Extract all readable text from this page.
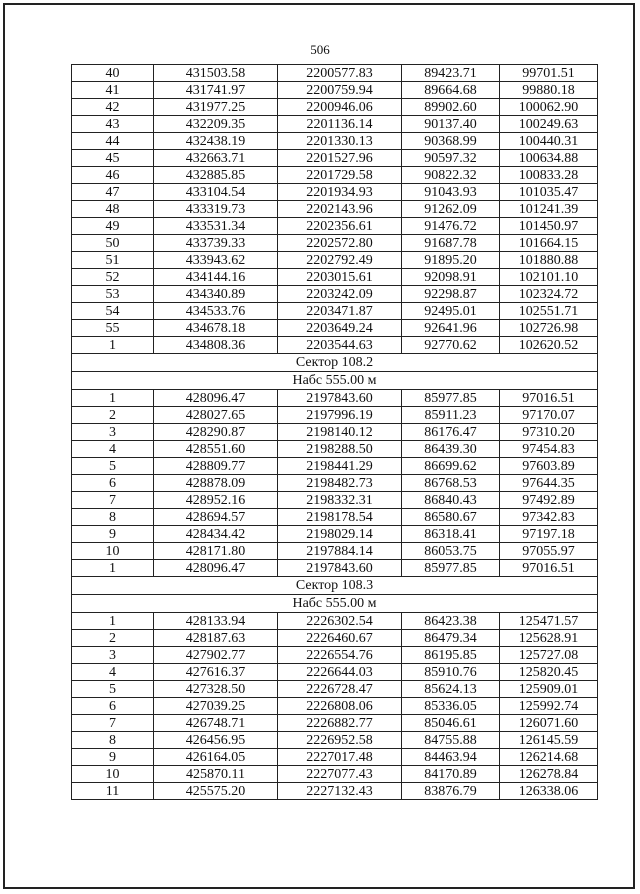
506
40	431503.58	2200577.83	89423.71	99701.51
41	431741.97	2200759.94	89664.68	99880.18
42	431977.25	2200946.06	89902.60	100062.90
43	432209.35	2201136.14	90137.40	100249.63
44	432438.19	2201330.13	90368.99	100440.31
45	432663.71	2201527.96	90597.32	100634.88
46	432885.85	2201729.58	90822.32	100833.28
47	433104.54	2201934.93	91043.93	101035.47
48	433319.73	2202143.96	91262.09	101241.39
49	433531.34	2202356.61	91476.72	101450.97
50	433739.33	2202572.80	91687.78	101664.15
51	433943.62	2202792.49	91895.20	101880.88
52	434144.16	2203015.61	92098.91	102101.10
53	434340.89	2203242.09	92298.87	102324.72
54	434533.76	2203471.87	92495.01	102551.71
55	434678.18	2203649.24	92641.96	102726.98
1	434808.36	2203544.63	92770.62	102620.52
Сектор 108.2				
Набс 555.00 м				
1	428096.47	2197843.60	85977.85	97016.51
2	428027.65	2197996.19	85911.23	97170.07
3	428290.87	2198140.12	86176.47	97310.20
4	428551.60	2198288.50	86439.30	97454.83
5	428809.77	2198441.29	86699.62	97603.89
6	428878.09	2198482.73	86768.53	97644.35
7	428952.16	2198332.31	86840.43	97492.89
8	428694.57	2198178.54	86580.67	97342.83
9	428434.42	2198029.14	86318.41	97197.18
10	428171.80	2197884.14	86053.75	97055.97
1	428096.47	2197843.60	85977.85	97016.51
Сектор 108.3				
Набс 555.00 м				
1	428133.94	2226302.54	86423.38	125471.57
2	428187.63	2226460.67	86479.34	125628.91
3	427902.77	2226554.76	86195.85	125727.08
4	427616.37	2226644.03	85910.76	125820.45
5	427328.50	2226728.47	85624.13	125909.01
6	427039.25	2226808.06	85336.05	125992.74
7	426748.71	2226882.77	85046.61	126071.60
8	426456.95	2226952.58	84755.88	126145.59
9	426164.05	2227017.48	84463.94	126214.68
10	425870.11	2227077.43	84170.89	126278.84
11	425575.20	2227132.43	83876.79	126338.06
